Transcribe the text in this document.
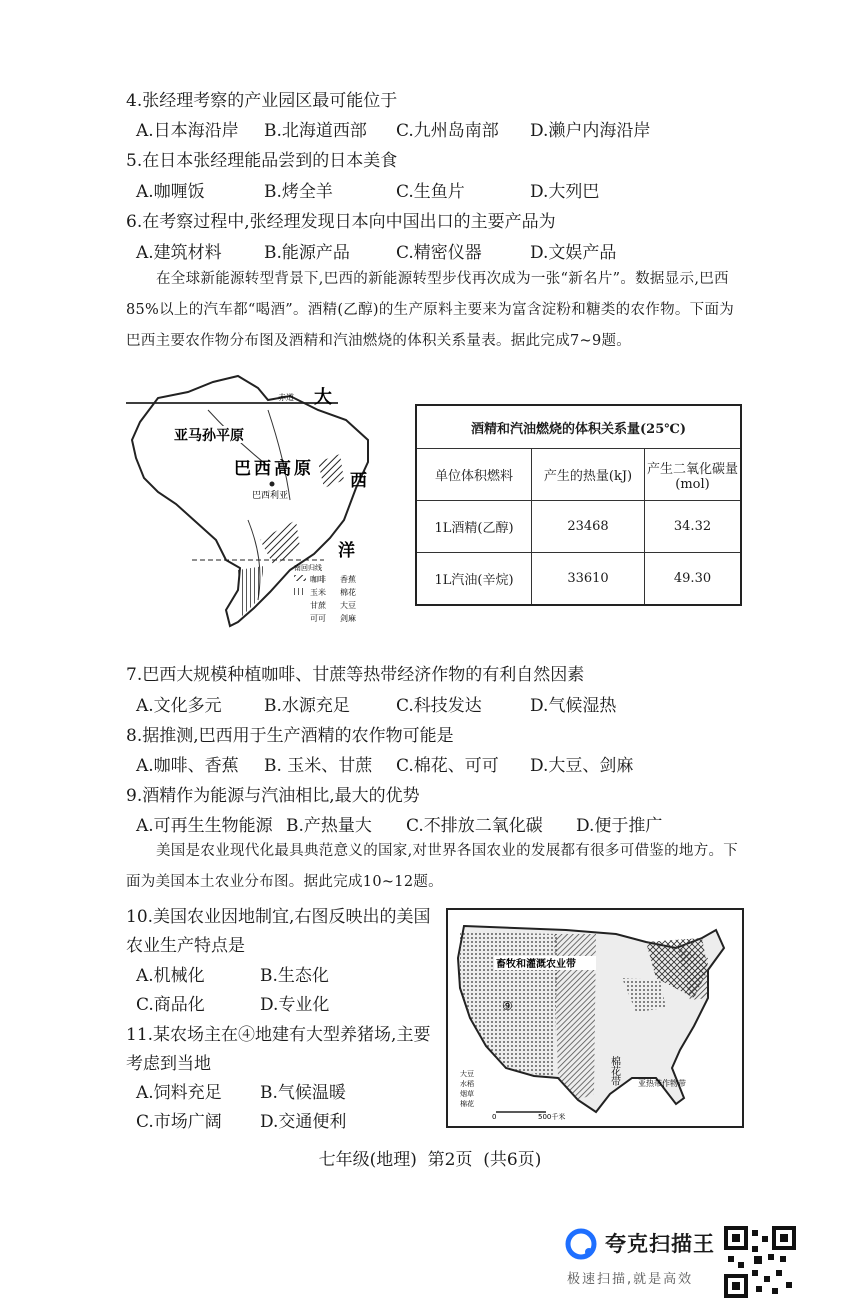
4.张经理考察的产业园区最可能位于
A.日本海沿岸	B.北海道西部	C.九州岛南部	D.濑户内海沿岸
5.在日本张经理能品尝到的日本美食
A.咖喱饭	B.烤全羊	C.生鱼片	D.大列巴
6.在考察过程中,张经理发现日本向中国出口的主要产品为
A.建筑材料	B.能源产品	C.精密仪器	D.文娱产品
在全球新能源转型背景下,巴西的新能源转型步伐再次成为一张“新名片”。数据显示,巴西85%以上的汽车都“喝酒”。酒精(乙醇)的生产原料主要来为富含淀粉和糖类的农作物。下面为巴西主要农作物分布图及酒精和汽油燃烧的体积关系量表。据此完成7~9题。
赤道 大
亚马孙平原
巴西高原
巴西利亚
西
南回归线
洋
咖啡 香蕉
玉米 棉花
甘蔗 大豆
可可 剑麻
酒精和汽油燃烧的体积关系量(25℃)		
单位体积燃料	产生的热量(kJ)	产生二氧化碳量(mol)
1L酒精(乙醇)	23468	34.32
1L汽油(辛烷)	33610	49.30
7.巴西大规模种植咖啡、甘蔗等热带经济作物的有利自然因素
A.文化多元	B.水源充足	C.科技发达	D.气候湿热
8.据推测,巴西用于生产酒精的农作物可能是
A.咖啡、香蕉	B. 玉米、甘蔗	C.棉花、可可	D.大豆、剑麻
9.酒精作为能源与汽油相比,最大的优势
A.可再生生物能源 B.产热量大	C.不排放二氧化碳	D.便于推广
美国是农业现代化最具典范意义的国家,对世界各国农业的发展都有很多可借鉴的地方。下面为美国本土农业分布图。据此完成10~12题。
10.美国农业因地制宜,右图反映出的美国
农业生产特点是
A.机械化	B.生态化
C.商品化	D.专业化
11.某农场主在④地建有大型养猪场,主要
考虑到当地
A.饲料充足	B.气候温暖
C.市场广阔	D.交通便利
畜牧和灌溉农业带
⑨
棉花带 亚热带作物带
大豆
水稻
烟草
棉花
0	500千米
七年级(地理)  第2页  (共6页)
夸克扫描王
极速扫描,就是高效
